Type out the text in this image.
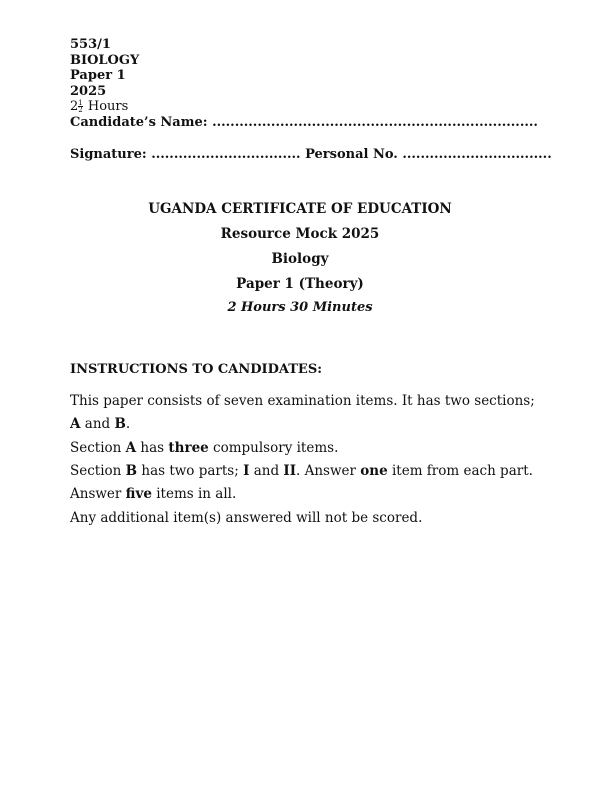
553/1
BIOLOGY
Paper 1
2025
$2 \frac{1}{2}$ Hours
Candidate’s Name: ........................................................................
Signature: ................................. Personal No. .................................
UGANDA CERTIFICATE OF EDUCATION
Resource Mock 2025
Biology
Paper 1 (Theory)
2 Hours 30 Minutes
INSTRUCTIONS TO CANDIDATES:
This paper consists of seven examination items. It has two sections; A and B.
Section A has three compulsory items.
Section B has two parts; I and II. Answer one item from each part.
Answer five items in all.
Any additional item(s) answered will not be scored.
